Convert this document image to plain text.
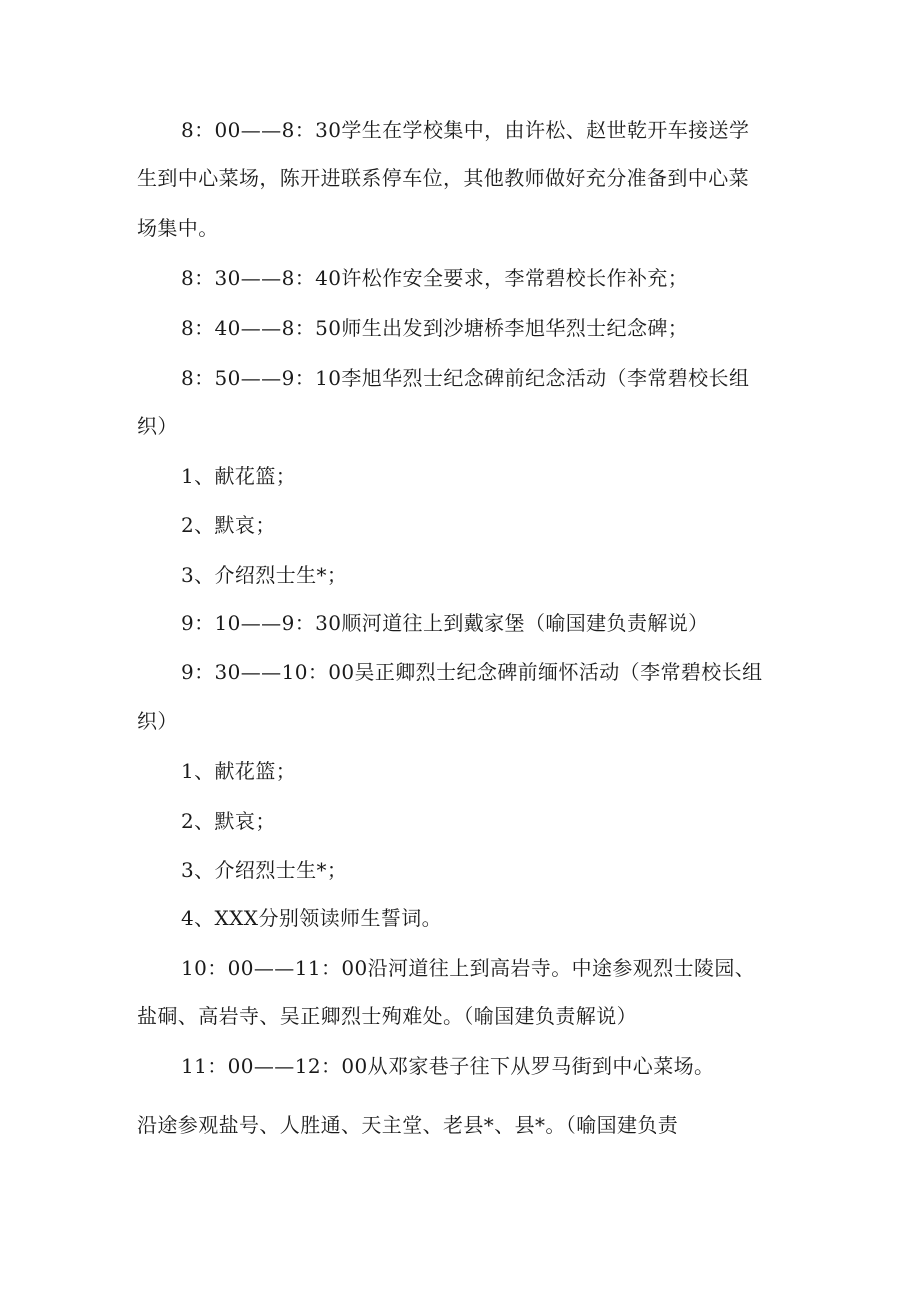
8：00——8：30学生在学校集中，由许松、赵世乾开车接送学
生到中心菜场，陈开进联系停车位，其他教师做好充分准备到中心菜
场集中。
8：30——8：40许松作安全要求，李常碧校长作补充；
8：40——8：50师生出发到沙塘桥李旭华烈士纪念碑；
8：50——9：10李旭华烈士纪念碑前纪念活动（李常碧校长组
织）
1、献花篮；
2、默哀；
3、介绍烈士生*；
9：10——9：30顺河道往上到戴家堡（喻国建负责解说）
9：30——10：00吴正卿烈士纪念碑前缅怀活动（李常碧校长组
织）
1、献花篮；
2、默哀；
3、介绍烈士生*；
4、XXX分别领读师生誓词。
10：00——11：00沿河道往上到高岩寺。中途参观烈士陵园、
盐硐、高岩寺、吴正卿烈士殉难处。（喻国建负责解说）
11：00——12：00从邓家巷子往下从罗马街到中心菜场。
沿途参观盐号、人胜通、天主堂、老县*、县*。（喻国建负责
